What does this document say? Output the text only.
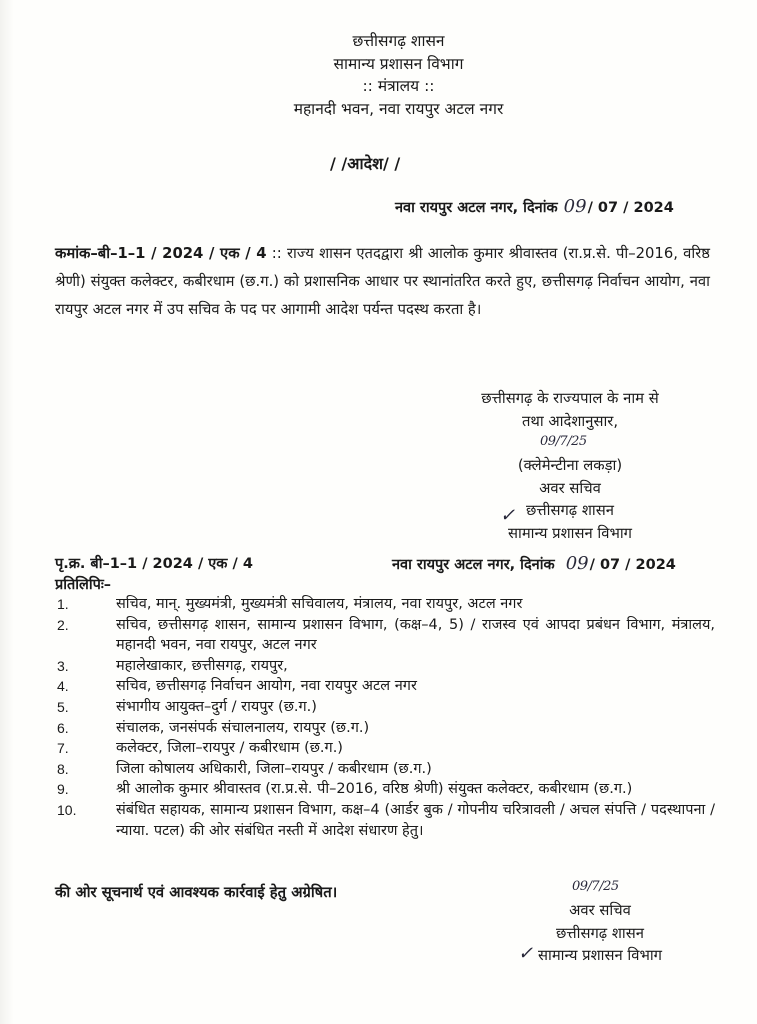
छत्तीसगढ़ शासन
सामान्य प्रशासन विभाग
:: मंत्रालय ::
महानदी भवन, नवा रायपुर अटल नगर
/ /आदेश/ /
नवा रायपुर अटल नगर, दिनांक 09/ 07 / 2024
कमांक–बी–1–1 / 2024 / एक / 4 :: राज्य शासन एतदद्वारा श्री आलोक कुमार श्रीवास्तव (रा.प्र.से. पी–2016, वरिष्ठ श्रेणी) संयुक्त कलेक्टर, कबीरधाम (छ.ग.) को प्रशासनिक आधार पर स्थानांतरित करते हुए, छत्तीसगढ़ निर्वाचन आयोग, नवा रायपुर अटल नगर में उप सचिव के पद पर आगामी आदेश पर्यन्त पदस्थ करता है।
छत्तीसगढ़ के राज्यपाल के नाम से
तथा आदेशानुसार,
09/7/25
(क्लेमेन्टीना लकड़ा)
अवर सचिव
छत्तीसगढ़ शासन
सामान्य प्रशासन विभाग
✓
पृ.क्र. बी–1–1 / 2024 / एक / 4	नवा रायपुर अटल नगर, दिनांक 09/ 07 / 2024
प्रतिलिपिः–
1.	सचिव, मान्. मुख्यमंत्री, मुख्यमंत्री सचिवालय, मंत्रालय, नवा रायपुर, अटल नगर
2.	सचिव, छत्तीसगढ़ शासन, सामान्य प्रशासन विभाग, (कक्ष–4, 5) / राजस्व एवं आपदा प्रबंधन विभाग, मंत्रालय, महानदी भवन, नवा रायपुर, अटल नगर
3.	महालेखाकार, छत्तीसगढ़, रायपुर,
4.	सचिव, छत्तीसगढ़ निर्वाचन आयोग, नवा रायपुर अटल नगर
5.	संभागीय आयुक्त–दुर्ग / रायपुर (छ.ग.)
6.	संचालक, जनसंपर्क संचालनालय, रायपुर (छ.ग.)
7.	कलेक्टर, जिला–रायपुर / कबीरधाम (छ.ग.)
8.	जिला कोषालय अधिकारी, जिला–रायपुर / कबीरधाम (छ.ग.)
9.	श्री आलोक कुमार श्रीवास्तव (रा.प्र.से. पी–2016, वरिष्ठ श्रेणी) संयुक्त कलेक्टर, कबीरधाम (छ.ग.)
10.	संबंधित सहायक, सामान्य प्रशासन विभाग, कक्ष–4 (आर्डर बुक / गोपनीय चरित्रावली / अचल संपत्ति / पदस्थापना / न्याया. पटल) की ओर संबंधित नस्ती में आदेश संधारण हेतु।
की ओर सूचनार्थ एवं आवश्यक कार्रवाई हेतु अग्रेषित।	09/7/25
अवर सचिव
छत्तीसगढ़ शासन
सामान्य प्रशासन विभाग
✓
